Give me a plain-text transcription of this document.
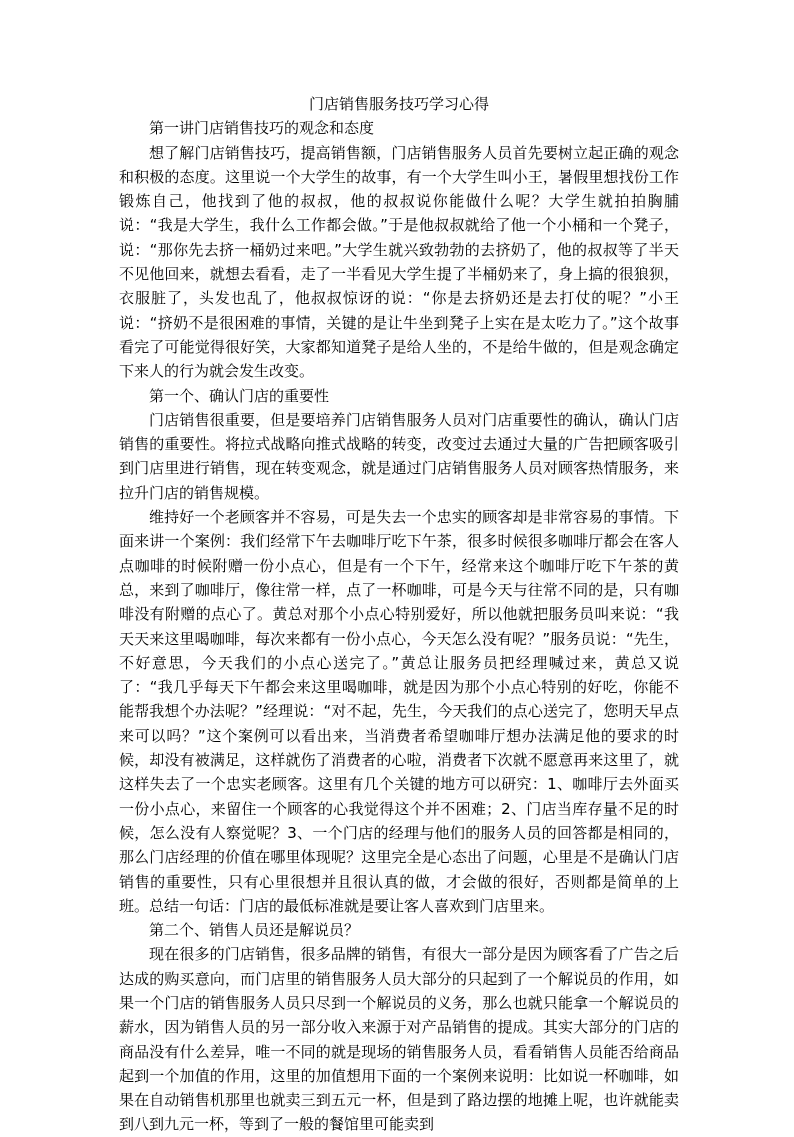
门店销售服务技巧学习心得

第一讲门店销售技巧的观念和态度

想了解门店销售技巧，提高销售额，门店销售服务人员首先要树立起正确的观念和积极的态度。这里说一个大学生的故事，有一个大学生叫小王，暑假里想找份工作锻炼自己，他找到了他的叔叔，他的叔叔说你能做什么呢？大学生就拍拍胸脯说：“我是大学生，我什么工作都会做。”于是他叔叔就给了他一个小桶和一个凳子，说：“那你先去挤一桶奶过来吧。”大学生就兴致勃勃的去挤奶了，他的叔叔等了半天不见他回来，就想去看看，走了一半看见大学生提了半桶奶来了，身上搞的很狼狈，衣服脏了，头发也乱了，他叔叔惊讶的说：“你是去挤奶还是去打仗的呢？”小王说：“挤奶不是很困难的事情，关键的是让牛坐到凳子上实在是太吃力了。”这个故事看完了可能觉得很好笑，大家都知道凳子是给人坐的，不是给牛做的，但是观念确定下来人的行为就会发生改变。

第一个、确认门店的重要性

门店销售很重要，但是要培养门店销售服务人员对门店重要性的确认，确认门店销售的重要性。将拉式战略向推式战略的转变，改变过去通过大量的广告把顾客吸引到门店里进行销售，现在转变观念，就是通过门店销售服务人员对顾客热情服务，来拉升门店的销售规模。

维持好一个老顾客并不容易，可是失去一个忠实的顾客却是非常容易的事情。下面来讲一个案例：我们经常下午去咖啡厅吃下午茶，很多时候很多咖啡厅都会在客人点咖啡的时候附赠一份小点心，但是有一个下午，经常来这个咖啡厅吃下午茶的黄总，来到了咖啡厅，像往常一样，点了一杯咖啡，可是今天与往常不同的是，只有咖啡没有附赠的点心了。黄总对那个小点心特别爱好，所以他就把服务员叫来说：“我天天来这里喝咖啡，每次来都有一份小点心，今天怎么没有呢？”服务员说：“先生，不好意思，今天我们的小点心送完了。”黄总让服务员把经理喊过来，黄总又说了：“我几乎每天下午都会来这里喝咖啡，就是因为那个小点心特别的好吃，你能不能帮我想个办法呢？”经理说：“对不起，先生，今天我们的点心送完了，您明天早点来可以吗？”这个案例可以看出来，当消费者希望咖啡厅想办法满足他的要求的时候，却没有被满足，这样就伤了消费者的心啦，消费者下次就不愿意再来这里了，就这样失去了一个忠实老顾客。这里有几个关键的地方可以研究：1、咖啡厅去外面买一份小点心，来留住一个顾客的心我觉得这个并不困难；2、门店当库存量不足的时候，怎么没有人察觉呢？3、一个门店的经理与他们的服务人员的回答都是相同的，那么门店经理的价值在哪里体现呢？这里完全是心态出了问题，心里是不是确认门店销售的重要性，只有心里很想并且很认真的做，才会做的很好，否则都是简单的上班。总结一句话：门店的最低标准就是要让客人喜欢到门店里来。

第二个、销售人员还是解说员？

现在很多的门店销售，很多品牌的销售，有很大一部分是因为顾客看了广告之后达成的购买意向，而门店里的销售服务人员大部分的只起到了一个解说员的作用，如果一个门店的销售服务人员只尽到一个解说员的义务，那么也就只能拿一个解说员的薪水，因为销售人员的另一部分收入来源于对产品销售的提成。其实大部分的门店的商品没有什么差异，唯一不同的就是现场的销售服务人员，看看销售人员能否给商品起到一个加值的作用，这里的加值想用下面的一个案例来说明：比如说一杯咖啡，如果在自动销售机那里也就卖三到五元一杯，但是到了路边摆的地摊上呢，也许就能卖到八到九元一杯，等到了一般的餐馆里可能卖到
